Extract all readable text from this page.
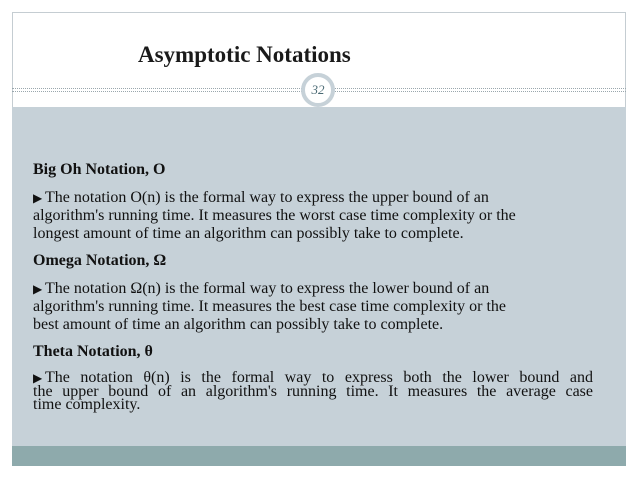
Asymptotic Notations
32
Big Oh Notation, O
▶ The notation O(n) is the formal way to express the upper bound of an
algorithm's running time. It measures the worst case time complexity or the
longest amount of time an algorithm can possibly take to complete.
Omega Notation, Ω
▶ The notation Ω(n) is the formal way to express the lower bound of an
algorithm's running time. It measures the best case time complexity or the
best amount of time an algorithm can possibly take to complete.
Theta Notation, θ
▶ The notation θ(n) is the formal way to express both the lower bound and
the upper bound of an algorithm's running time. It measures the average case
time complexity.
